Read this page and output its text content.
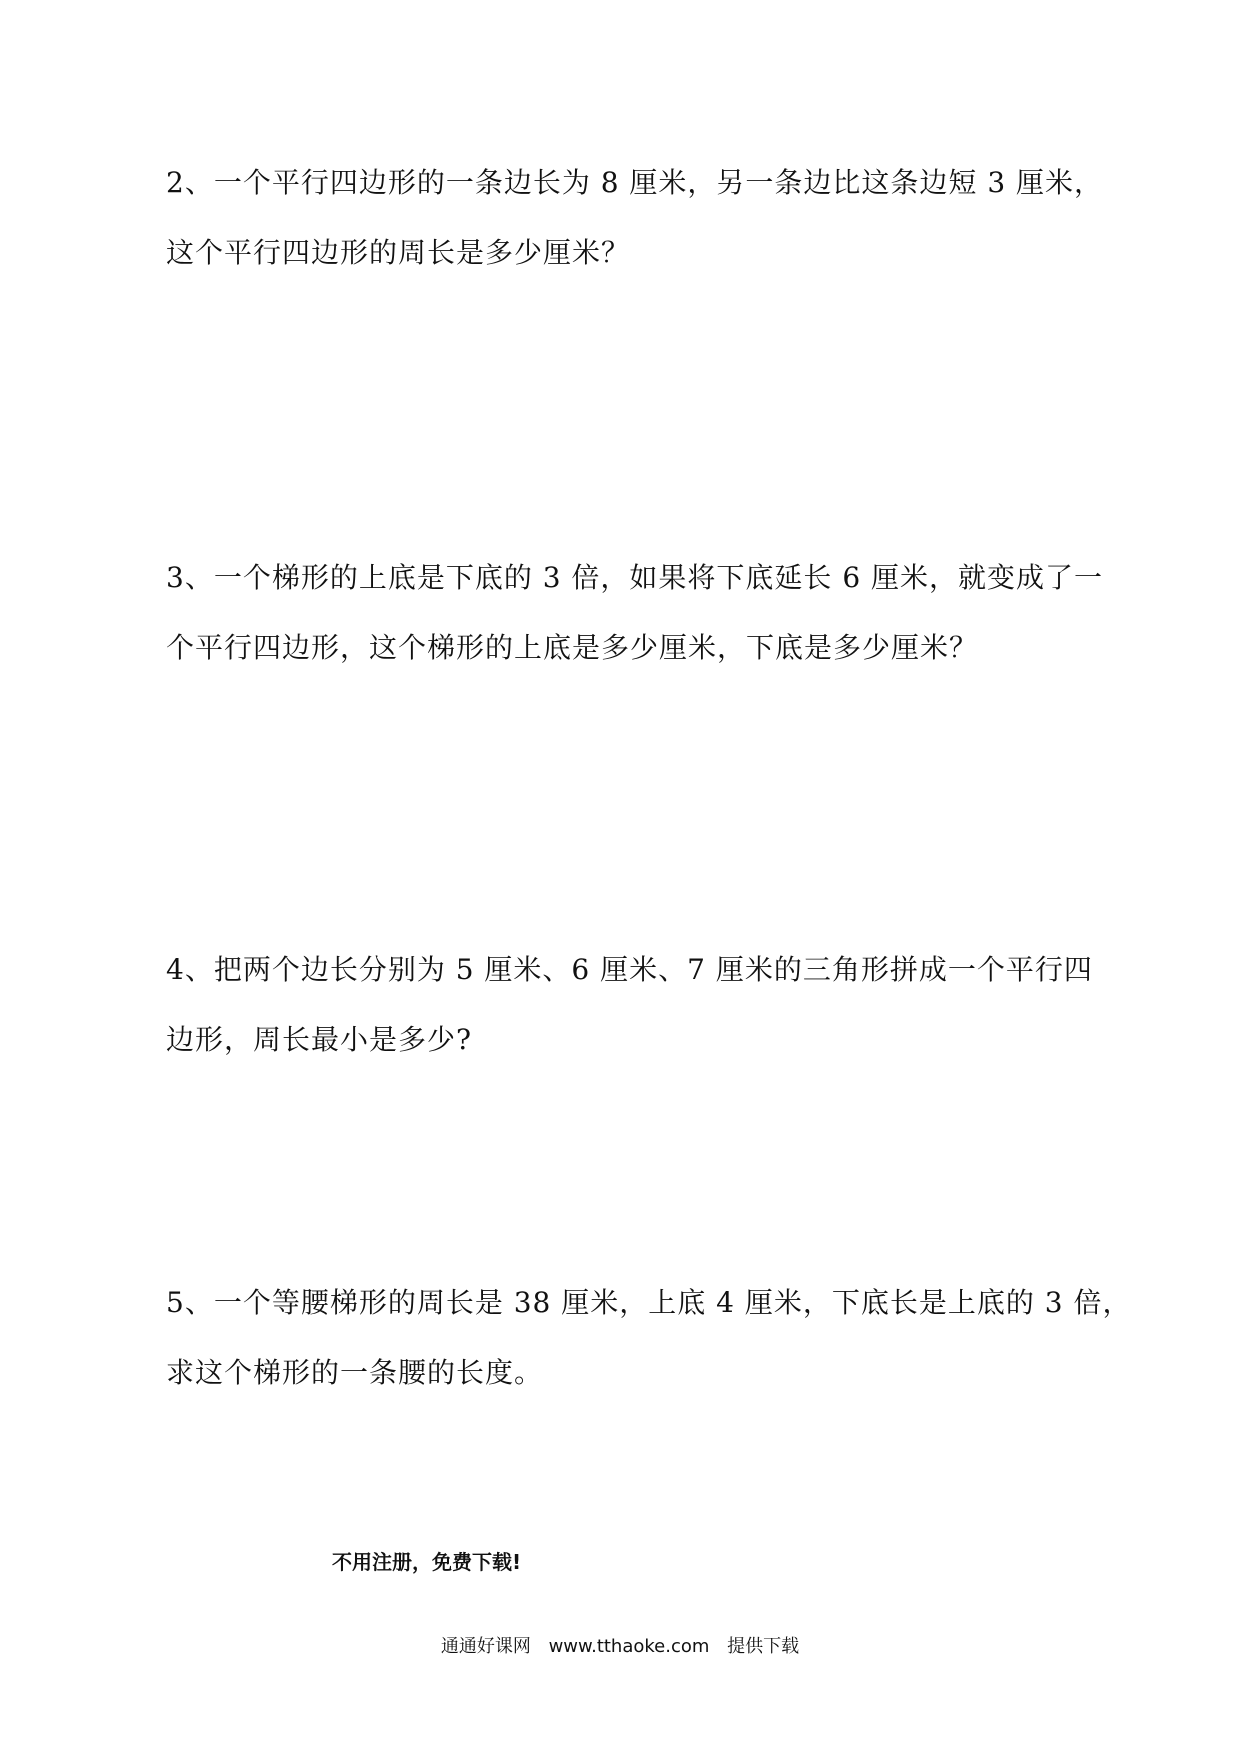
2、一个平行四边形的一条边长为 8 厘米，另一条边比这条边短 3 厘米，
这个平行四边形的周长是多少厘米？
3、一个梯形的上底是下底的 3 倍，如果将下底延长 6 厘米，就变成了一
个平行四边形，这个梯形的上底是多少厘米，下底是多少厘米？
4、把两个边长分别为 5 厘米、6 厘米、7 厘米的三角形拼成一个平行四
边形，周长最小是多少?
5、一个等腰梯形的周长是 38 厘米，上底 4 厘米，下底长是上底的 3 倍，
求这个梯形的一条腰的长度。
不用注册，免费下载!
通通好课网 www.tthaoke.com 提供下载
